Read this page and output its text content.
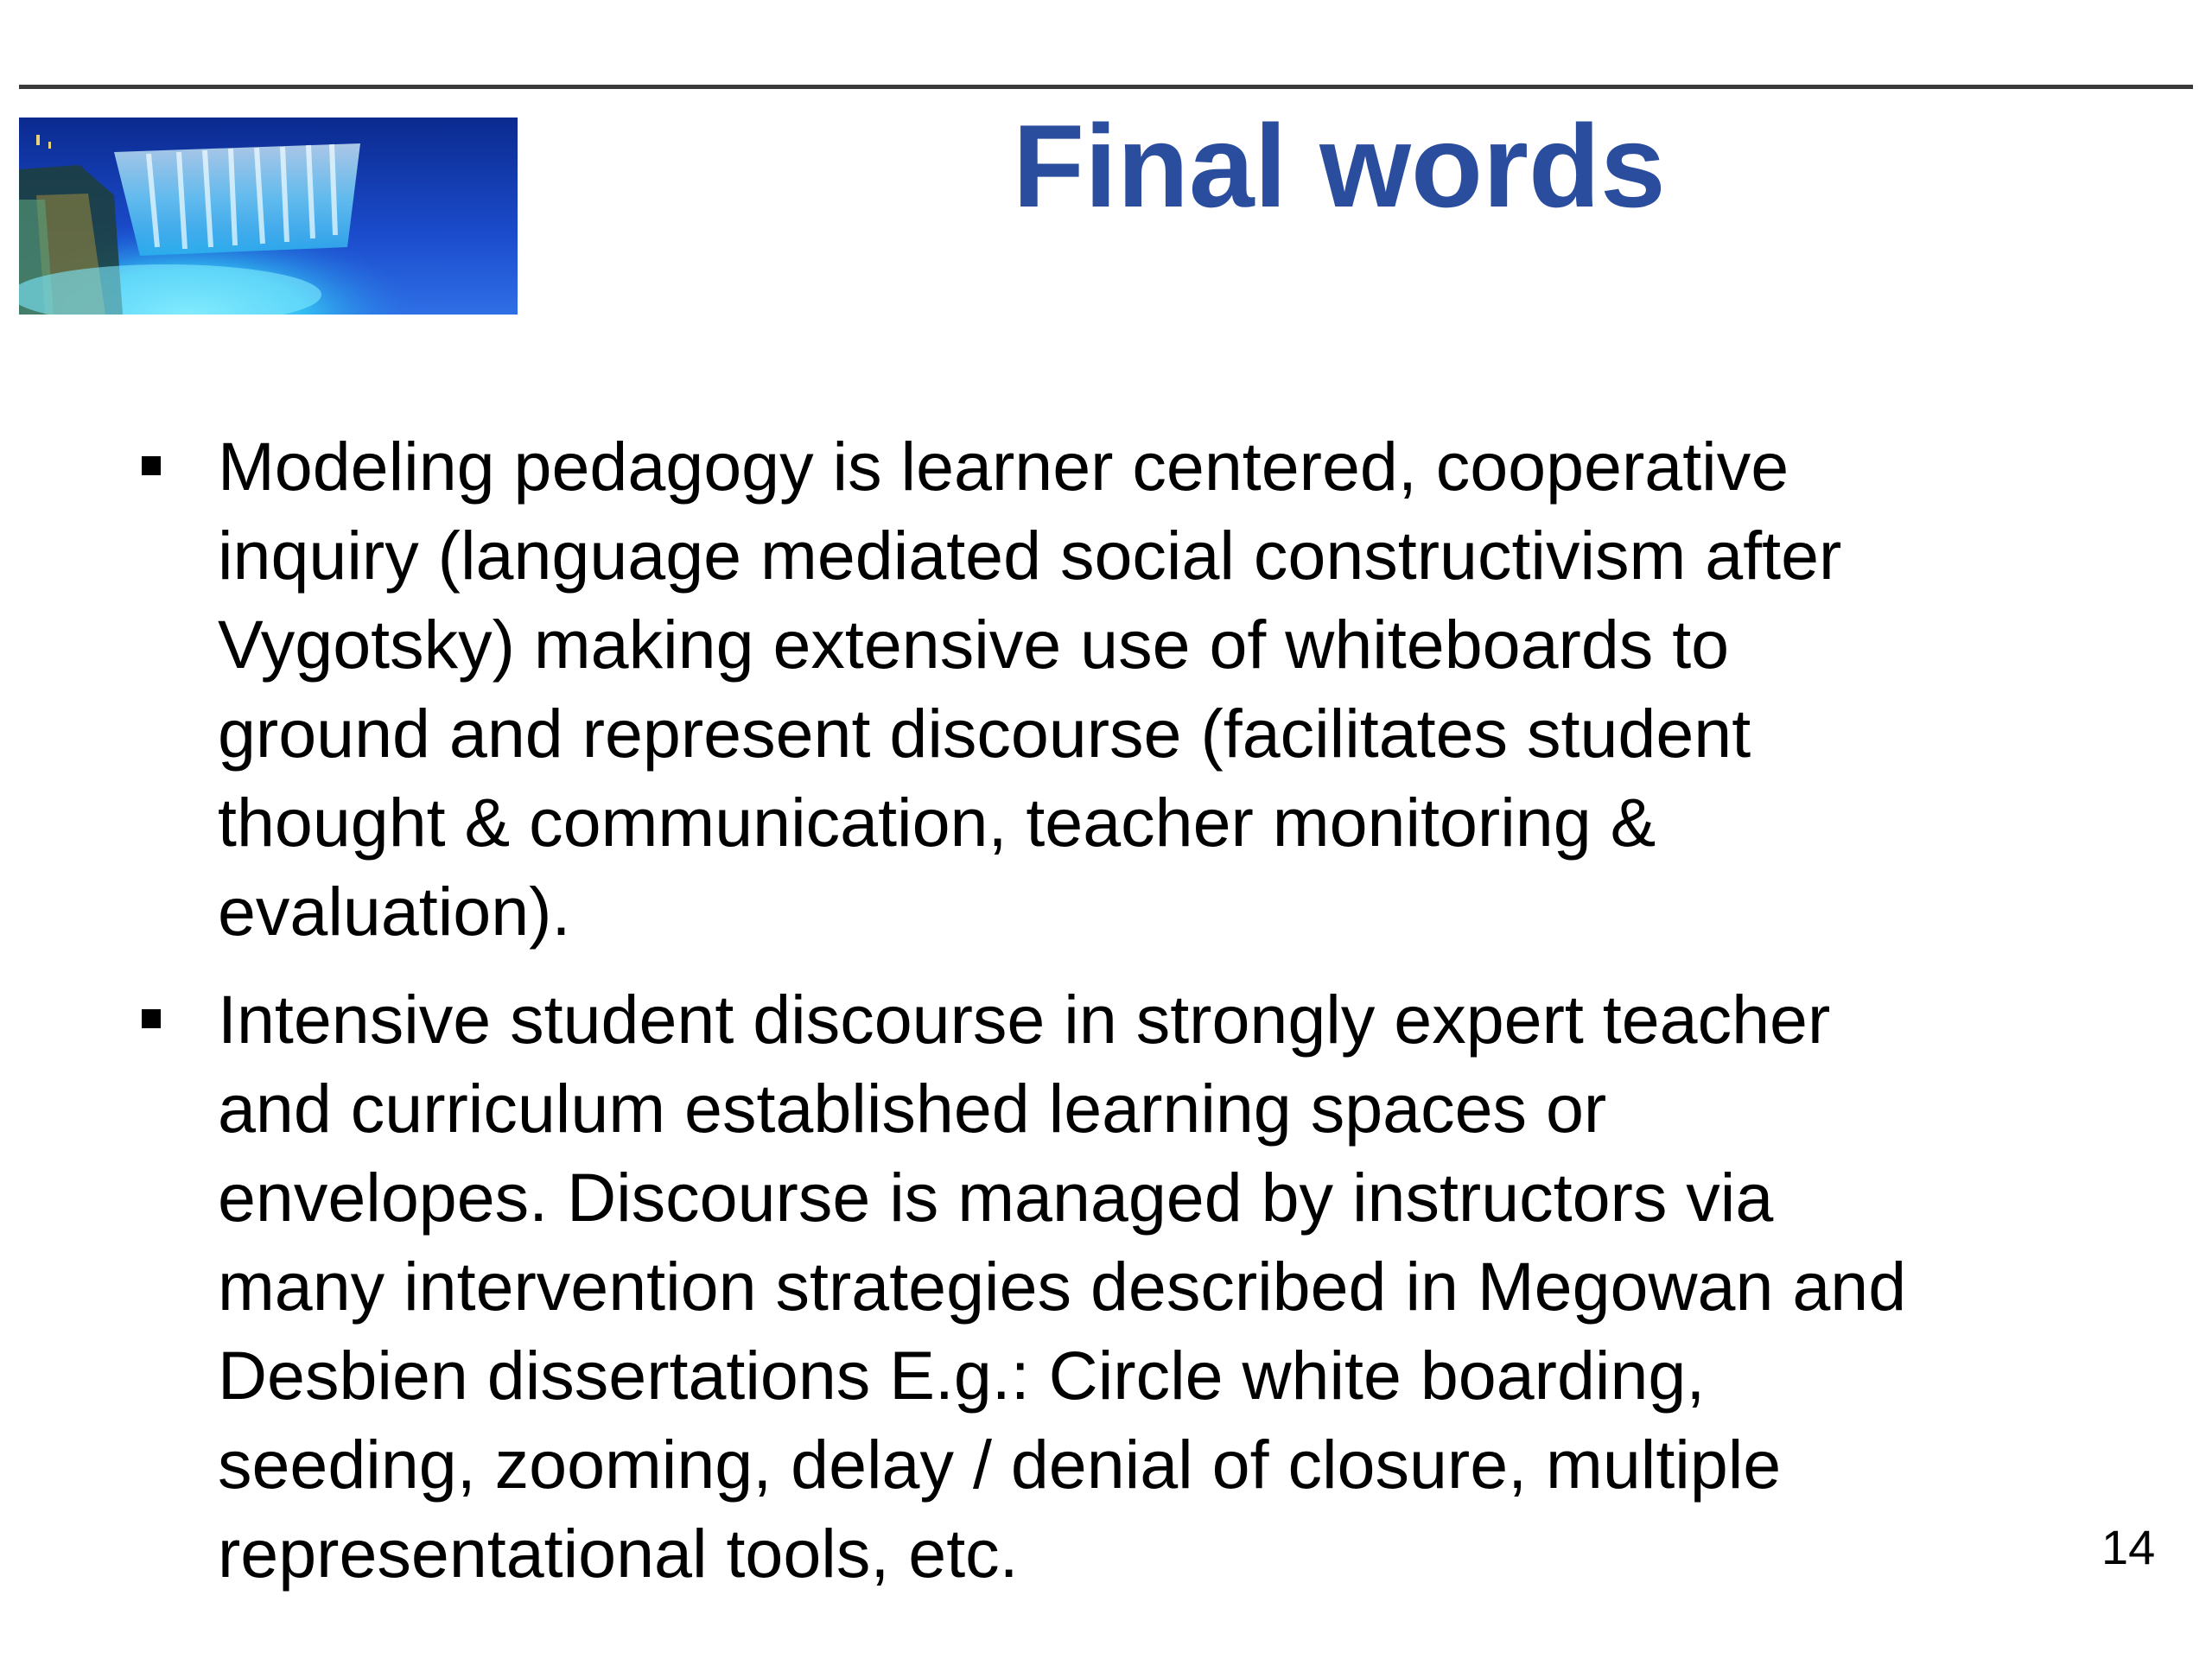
Final words
Modeling pedagogy is learner centered, cooperative
inquiry (language mediated social constructivism after
Vygotsky) making extensive use of whiteboards to
ground and represent discourse (facilitates student
thought & communication, teacher monitoring &
evaluation).
Intensive student discourse in strongly expert teacher
and curriculum established learning spaces or
envelopes. Discourse is managed by instructors via
many intervention strategies described in Megowan and
Desbien dissertations E.g.: Circle white boarding,
seeding, zooming, delay / denial of closure, multiple
representational tools, etc.	14
